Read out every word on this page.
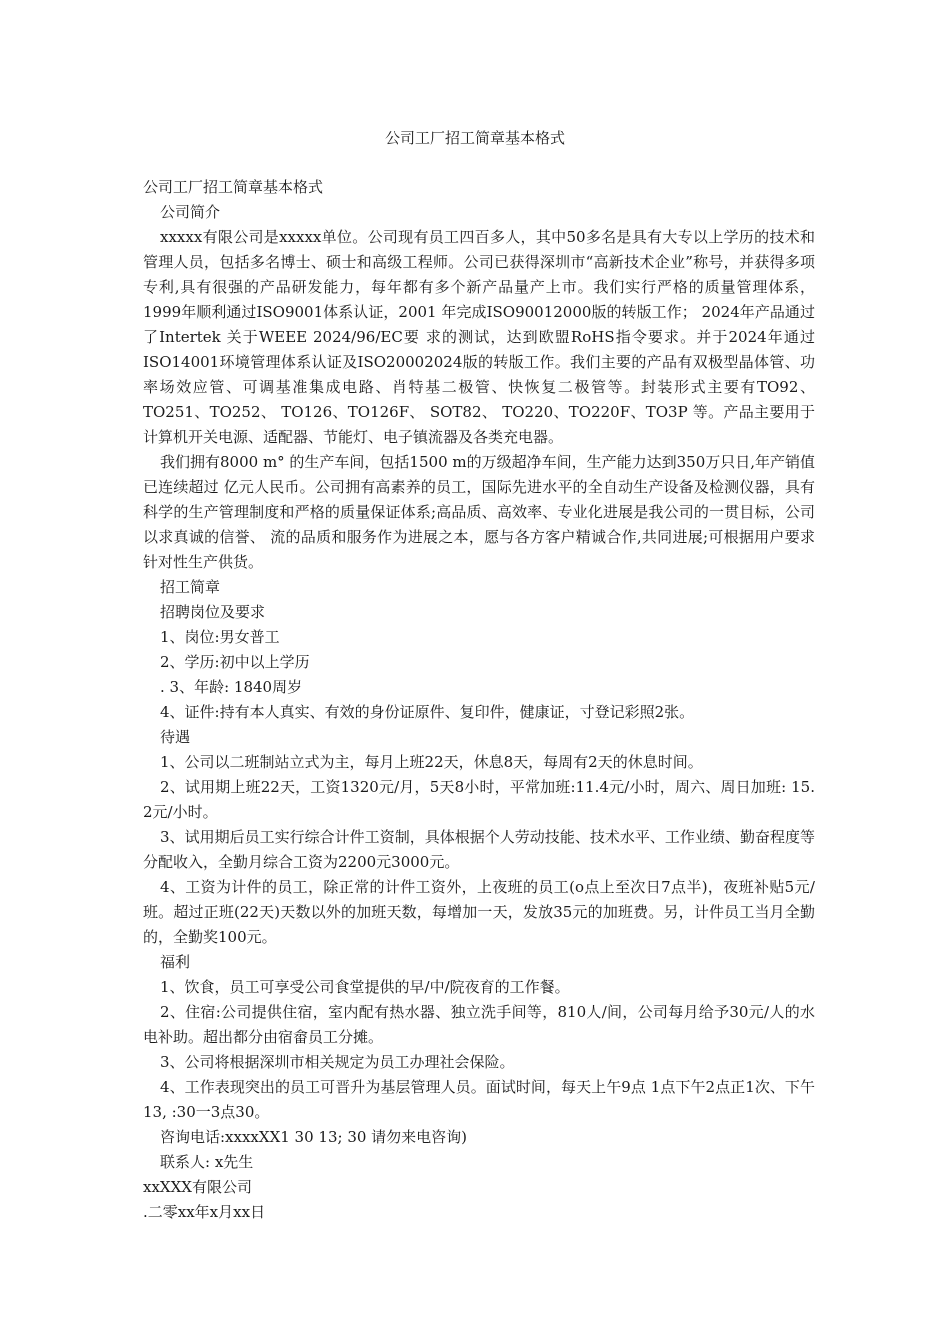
公司工厂招工简章基本格式

公司工厂招工简章基本格式

公司简介

xxxxx有限公司是xxxxx单位。公司现有员工四百多人，其中50多名是具有大专以上学历的技术和管理人员，包括多名博士、硕士和高级工程师。公司已获得深圳市“高新技术企业”称号，并获得多项专利,具有很强的产品研发能力，每年都有多个新产品量产上市。我们实行严格的质量管理体系，1999年顺利通过ISO9001体系认证，2001 年完成ISO90012000版的转版工作； 2024年产品通过了Intertek 关于WEEE 2024/96/EC要 求的测试，达到欧盟RoHS指令要求。并于2024年通过ISO14001环境管理体系认证及ISO20002024版的转版工作。我们主要的产品有双极型晶体管、功率场效应管、可调基准集成电路、肖特基二极管、快恢复二极管等。封装形式主要有TO92、TO251、TO252、 TO126、TO126F、 SOT82、 TO220、TO220F、TO3P 等。产品主要用于计算机开关电源、适配器、节能灯、电子镇流器及各类充电器。

我们拥有8000 m° 的生产车间，包括1500 m的万级超净车间，生产能力达到350万只日,年产销值已连续超过 亿元人民币。公司拥有高素养的员工，国际先进水平的全自动生产设备及检测仪器，具有科学的生产管理制度和严格的质量保证体系;高品质、高效率、专业化进展是我公司的一贯目标，公司以求真诚的信誉、 流的品质和服务作为进展之本，愿与各方客户精诚合作,共同进展;可根据用户要求针对性生产供货。

招工简章

招聘岗位及要求

1、岗位:男女普工

2、学历:初中以上学历

. 3、年龄: 1840周岁

4、证件:持有本人真实、有效的身份证原件、复印件，健康证，寸登记彩照2张。

待遇

1、公司以二班制站立式为主，每月上班22天，休息8天，每周有2天的休息时间。

2、试用期上班22天，工资1320元/月，5天8小时，平常加班:11.4元/小时，周六、周日加班: 15. 2元/小时。

3、试用期后员工实行综合计件工资制，具体根据个人劳动技能、技术水平、工作业绩、勤奋程度等分配收入，全勤月综合工资为2200元3000元。

4、工资为计件的员工，除正常的计件工资外，上夜班的员工(o点上至次日7点半)，夜班补贴5元/班。超过正班(22天)天数以外的加班天数，每增加一天，发放35元的加班费。另，计件员工当月全勤的，全勤奖100元。

福利

1、饮食，员工可享受公司食堂提供的早/中/院夜育的工作餐。

2、住宿:公司提供住宿，室内配有热水器、独立洗手间等，810人/间，公司每月给予30元/人的水电补助。超出都分由宿畲员工分摊。

3、公司将根据深圳市相关规定为员工办理社会保险。

4、工作表现突出的员工可晋升为基层管理人员。面试时间，每天上午9点 1点下午2点正1次、下午13, :30一3点30。

咨询电话:xxxxXX1 30 13; 30 请勿来电咨询)

联系人: x先生

xxXXX有限公司

.二零xx年x月xx日
